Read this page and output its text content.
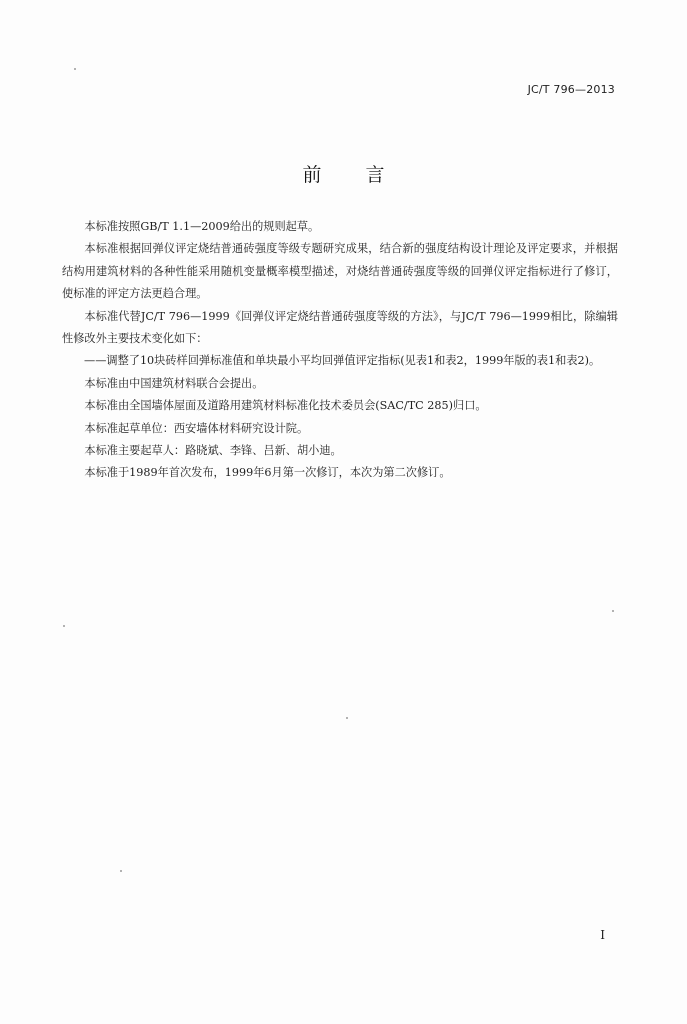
JC/T 796—2013
前言

本标准按照GB/T 1.1—2009给出的规则起草。

本标准根据回弹仪评定烧结普通砖强度等级专题研究成果，结合新的强度结构设计理论及评定要求，并根据结构用建筑材料的各种性能采用随机变量概率模型描述，对烧结普通砖强度等级的回弹仪评定指标进行了修订，使标准的评定方法更趋合理。

本标准代替JC/T 796—1999《回弹仪评定烧结普通砖强度等级的方法》，与JC/T 796—1999相比，除编辑性修改外主要技术变化如下：

——调整了10块砖样回弹标准值和单块最小平均回弹值评定指标(见表1和表2，1999年版的表1和表2)。

本标准由中国建筑材料联合会提出。

本标准由全国墙体屋面及道路用建筑材料标准化技术委员会(SAC/TC 285)归口。

本标准起草单位：西安墙体材料研究设计院。

本标准主要起草人：路晓斌、李锋、吕新、胡小迪。

本标准于1989年首次发布，1999年6月第一次修订，本次为第二次修订。

I
